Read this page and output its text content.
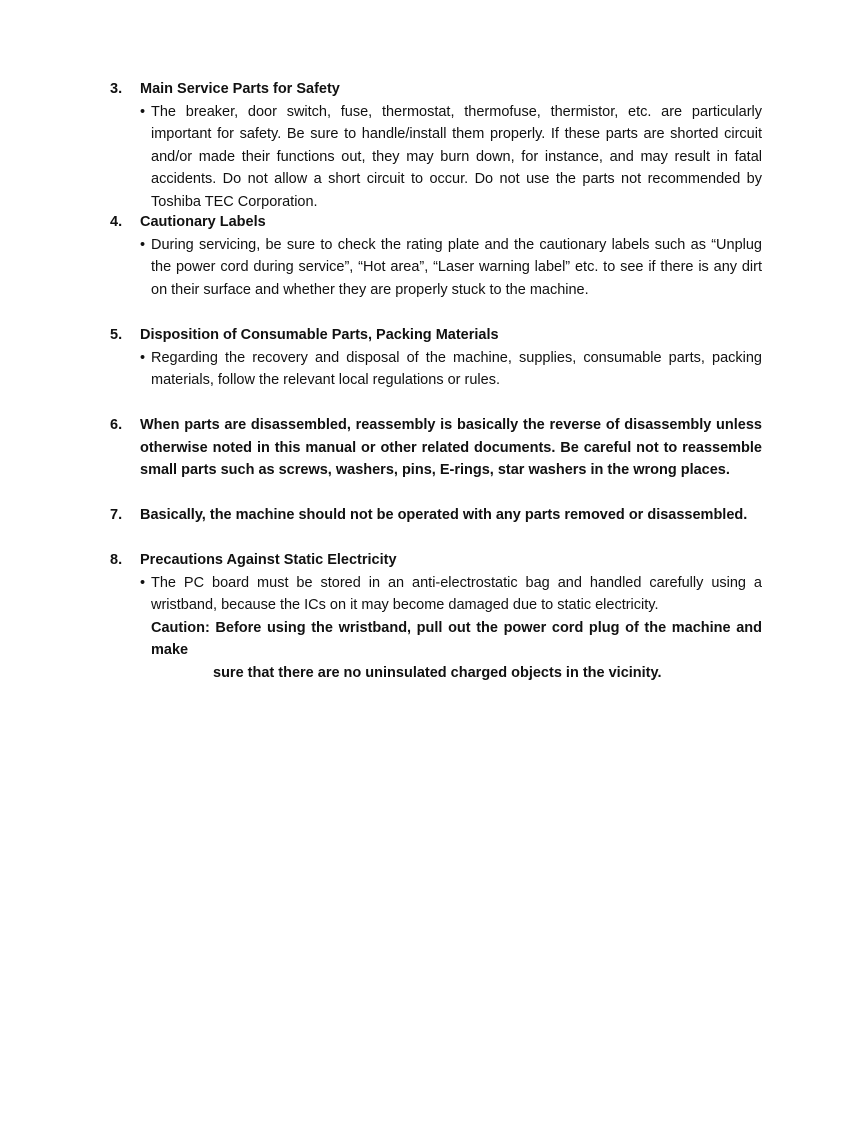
3. Main Service Parts for Safety
• The breaker, door switch, fuse, thermostat, thermofuse, thermistor, etc. are particularly important for safety. Be sure to handle/install them properly. If these parts are shorted circuit and/or made their functions out, they may burn down, for instance, and may result in fatal accidents. Do not allow a short circuit to occur. Do not use the parts not recommended by Toshiba TEC Corporation.
4. Cautionary Labels
• During servicing, be sure to check the rating plate and the cautionary labels such as “Unplug the power cord during service”, “Hot area”, “Laser warning label” etc. to see if there is any dirt on their surface and whether they are properly stuck to the machine.
5. Disposition of Consumable Parts, Packing Materials
• Regarding the recovery and disposal of the machine, supplies, consumable parts, packing materials, follow the relevant local regulations or rules.
6. When parts are disassembled, reassembly is basically the reverse of disassembly unless otherwise noted in this manual or other related documents. Be careful not to reassemble small parts such as screws, washers, pins, E-rings, star washers in the wrong places.
7. Basically, the machine should not be operated with any parts removed or disassembled.
8. Precautions Against Static Electricity
• The PC board must be stored in an anti-electrostatic bag and handled carefully using a wristband, because the ICs on it may become damaged due to static electricity.
Caution: Before using the wristband, pull out the power cord plug of the machine and make
sure that there are no uninsulated charged objects in the vicinity.
